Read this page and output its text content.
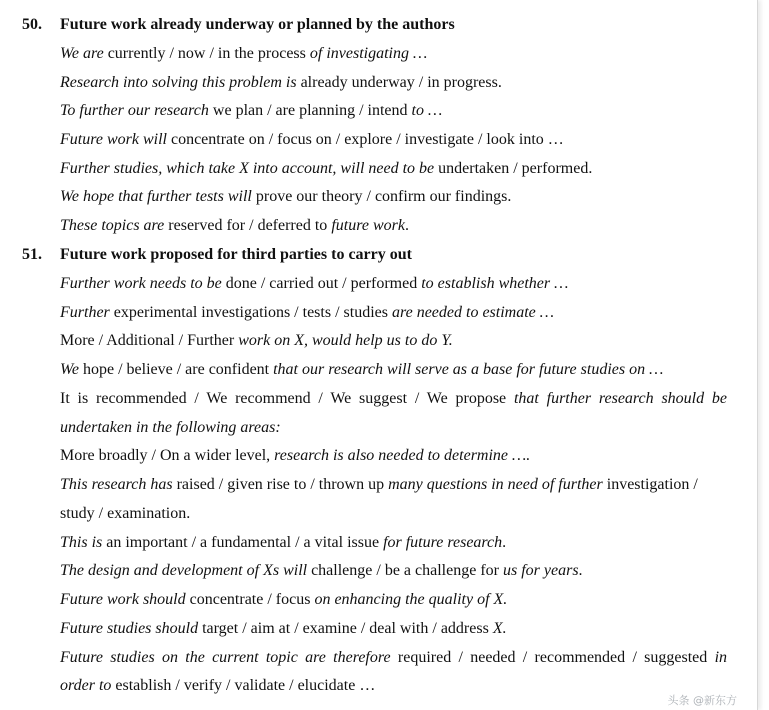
50. Future work already underway or planned by the authors
We are currently / now / in the process of investigating …
Research into solving this problem is already underway / in progress.
To further our research we plan / are planning / intend to …
Future work will concentrate on / focus on / explore / investigate / look into …
Further studies, which take X into account, will need to be undertaken / performed.
We hope that further tests will prove our theory / confirm our findings.
These topics are reserved for / deferred to future work.
51. Future work proposed for third parties to carry out
Further work needs to be done / carried out / performed to establish whether …
Further experimental investigations / tests / studies are needed to estimate …
More / Additional / Further work on X, would help us to do Y.
We hope / believe / are confident that our research will serve as a base for future studies on …
It is recommended / We recommend / We suggest / We propose that further research should be
undertaken in the following areas:
More broadly / On a wider level, research is also needed to determine ….
This research has raised / given rise to / thrown up many questions in need of further investigation /
study / examination.
This is an important / a fundamental / a vital issue for future research.
The design and development of Xs will challenge / be a challenge for us for years.
Future work should concentrate / focus on enhancing the quality of X.
Future studies should target / aim at / examine / deal with / address X.
Future studies on the current topic are therefore required / needed / recommended / suggested in
order to establish / verify / validate / elucidate …
头条 @新东方
